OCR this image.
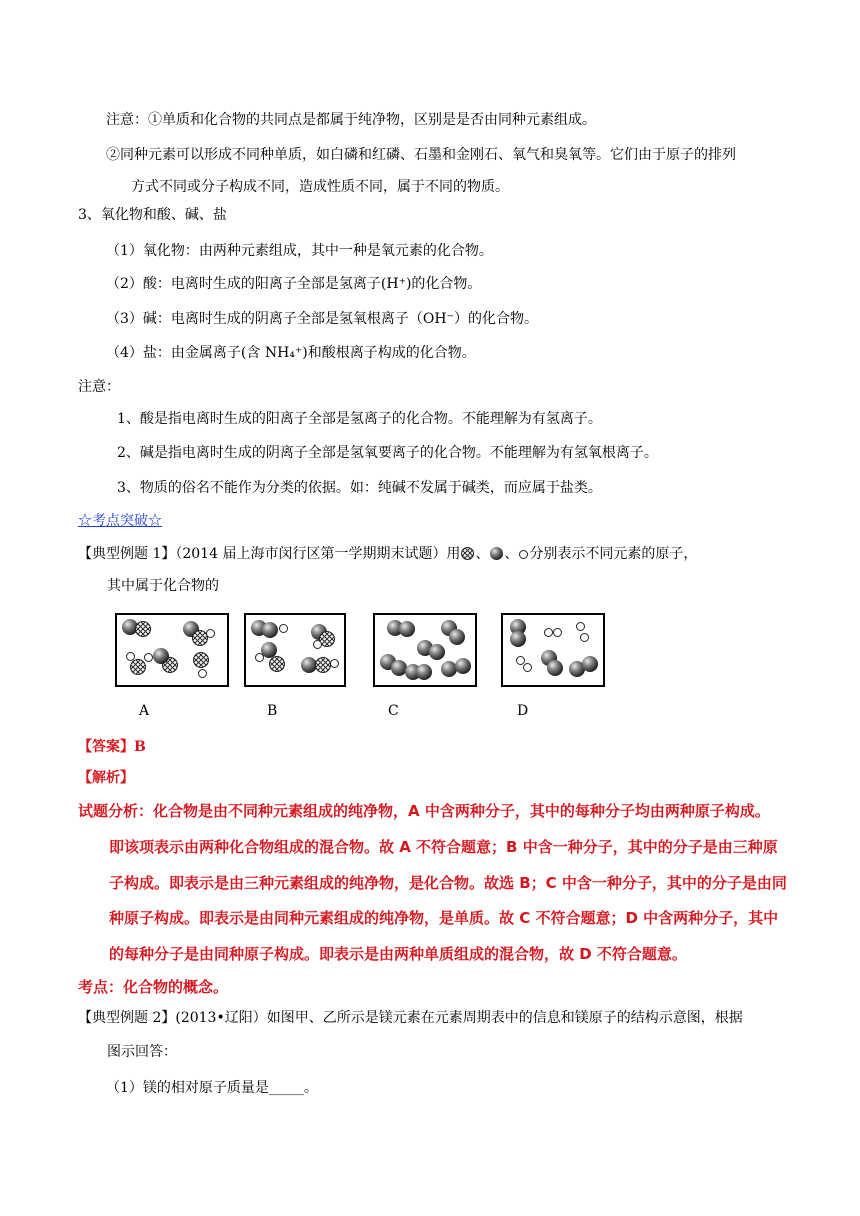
注意：①单质和化合物的共同点是都属于纯净物，区别是是否由同种元素组成。
②同种元素可以形成不同种单质，如白磷和红磷、石墨和金刚石、氧气和臭氧等。它们由于原子的排列
方式不同或分子构成不同，造成性质不同，属于不同的物质。
3、氧化物和酸、碱、盐
（1）氧化物：由两种元素组成，其中一种是氧元素的化合物。
（2）酸：电离时生成的阳离子全部是氢离子(H⁺)的化合物。
（3）碱：电离时生成的阴离子全部是氢氧根离子（OH⁻）的化合物。
（4）盐：由金属离子(含 NH₄⁺)和酸根离子构成的化合物。
注意：
1、酸是指电离时生成的阳离子全部是氢离子的化合物。不能理解为有氢离子。
2、碱是指电离时生成的阴离子全部是氢氧要离子的化合物。不能理解为有氢氧根离子。
3、物质的俗名不能作为分类的依据。如：纯碱不发属于碱类，而应属于盐类。
☆考点突破☆
【典型例题 1】（2014 届上海市闵行区第一学期期末试题）用 、 、 分别表示不同元素的原子，
其中属于化合物的
A	B	C	D
【答案】B
【解析】
试题分析：化合物是由不同种元素组成的纯净物，A 中含两种分子，其中的每种分子均由两种原子构成。
即该项表示由两种化合物组成的混合物。故 A 不符合题意；B 中含一种分子，其中的分子是由三种原
子构成。即表示是由三种元素组成的纯净物，是化合物。故选 B；C 中含一种分子，其中的分子是由同
种原子构成。即表示是由同种元素组成的纯净物，是单质。故 C 不符合题意；D 中含两种分子，其中
的每种分子是由同种原子构成。即表示是由两种单质组成的混合物，故 D 不符合题意。
考点：化合物的概念。
【典型例题 2】(2013•辽阳）如图甲、乙所示是镁元素在元素周期表中的信息和镁原子的结构示意图，根据
图示回答：
（1）镁的相对原子质量是_____。
